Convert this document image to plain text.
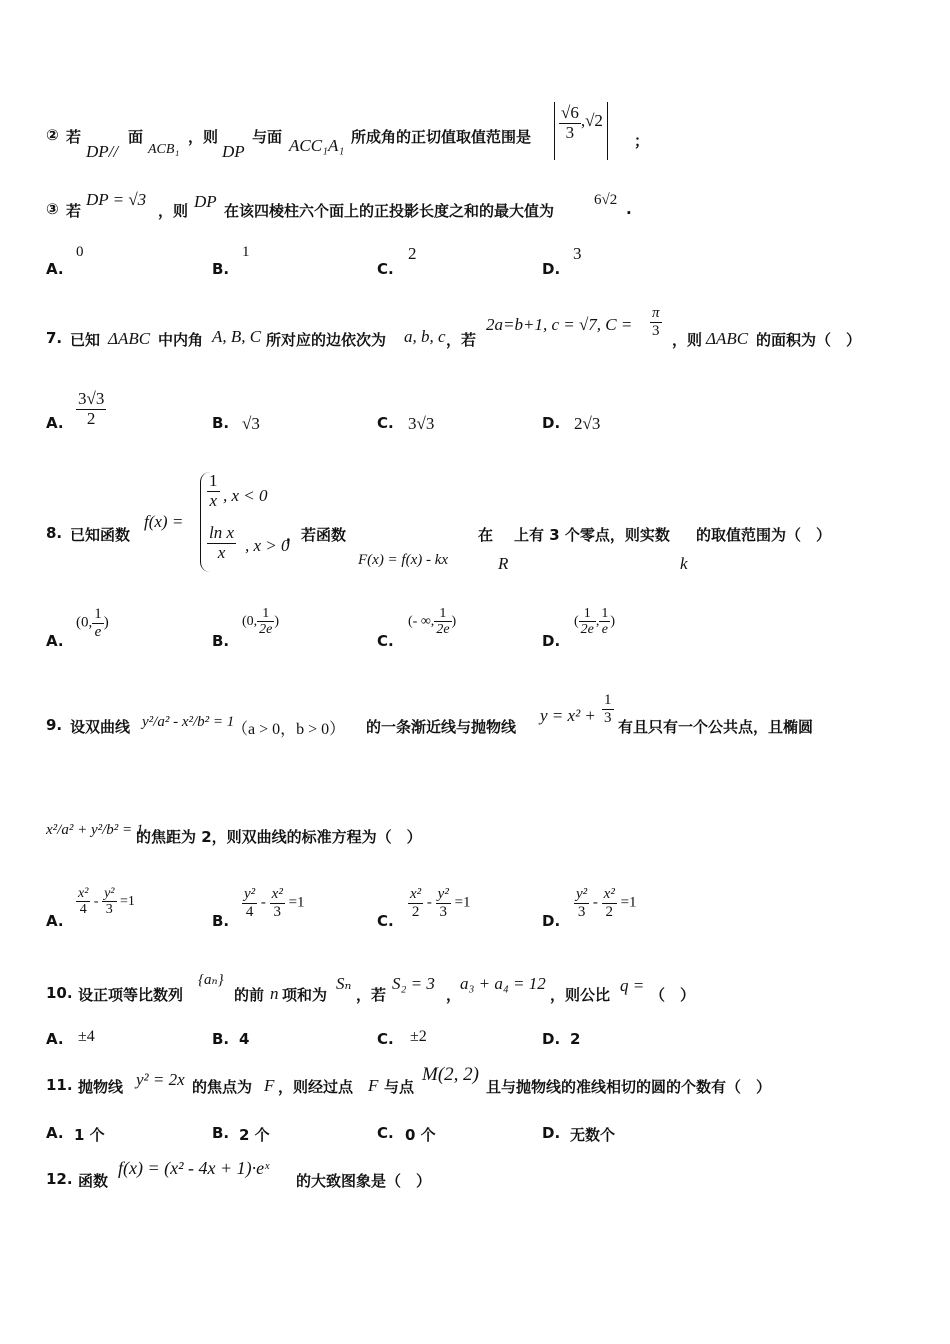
② 若
DP//
面
ACB₁
，则
DP
与面 ACC₁A₁ 所成角的正切值取值范围是 $\frac{√6}{3} ,√2$
；
③ 若
DP = √3
，则 DP 在该四棱柱六个面上的正投影长度之和的最大值为
6√2 .
A.
0
B.
1
C.
2
D.
3
7. 已知 ΔABC 中内角 A, B, C 所对应的边依次为 a, b, c ，若
2a=b+1, c = √7, $C = \frac{\pi}{3}$
，则 ΔABC 的面积为（　）
A. $\frac{3√3}{2}$	B. √3	C. 3√3	D. 2√3
8. 已知函数
f(x) =
$\frac{1}{x}$ , x < 0
$\frac{\text{ln x}}{x}$ , x > 0
，若函数
F(x) = f(x) - kx
在
R
上有 3 个零点，则实数
k
的取值范围为（　）
A.
(0, $\frac{1}{e}$ )
B.
(0, $\frac{1}{2e}$ )
C.
(- ∞, $\frac{1}{2e}$ )
D.
( $\frac{1}{2e}$ , $\frac{1}{e}$ )
9. 设双曲线 y²/a² - x²/b² = 1
（a > 0，b > 0） 的一条渐近线与抛物线
$y = x^2 + \frac{1}{3}$
有且只有一个公共点，且椭圆
x²/a² + y²/b² = 1
的焦距为 2，则双曲线的标准方程为（　）
A.
$\frac{\text{x²}}{4} - \frac{\text{y²}}{3} =1$
B.
$\frac{\text{y²}}{4} - \frac{\text{x²}}{3} =1$
C.
$\frac{\text{x²}}{2} - \frac{\text{y²}}{3} =1$
D.
$\frac{\text{y²}}{3} - \frac{\text{x²}}{2} =1$
10. 设正项等比数列
{aₙ}
的前 n 项和为
Sₙ
，若
S₂ = 3
，
a₃ + a₄ = 12
，则公比 q = （　）
A. ±4	B. 4	C. ±2	D. 2
11. 抛物线 y² = 2x 的焦点为 F ，则经过点 F 与点
M(2, 2)
且与抛物线的准线相切的圆的个数有（　）
A. 1 个	B. 2 个	C. 0 个	D. 无数个
12. 函数
f(x) = (x² - 4x + 1)·eˣ
的大致图象是（　）
